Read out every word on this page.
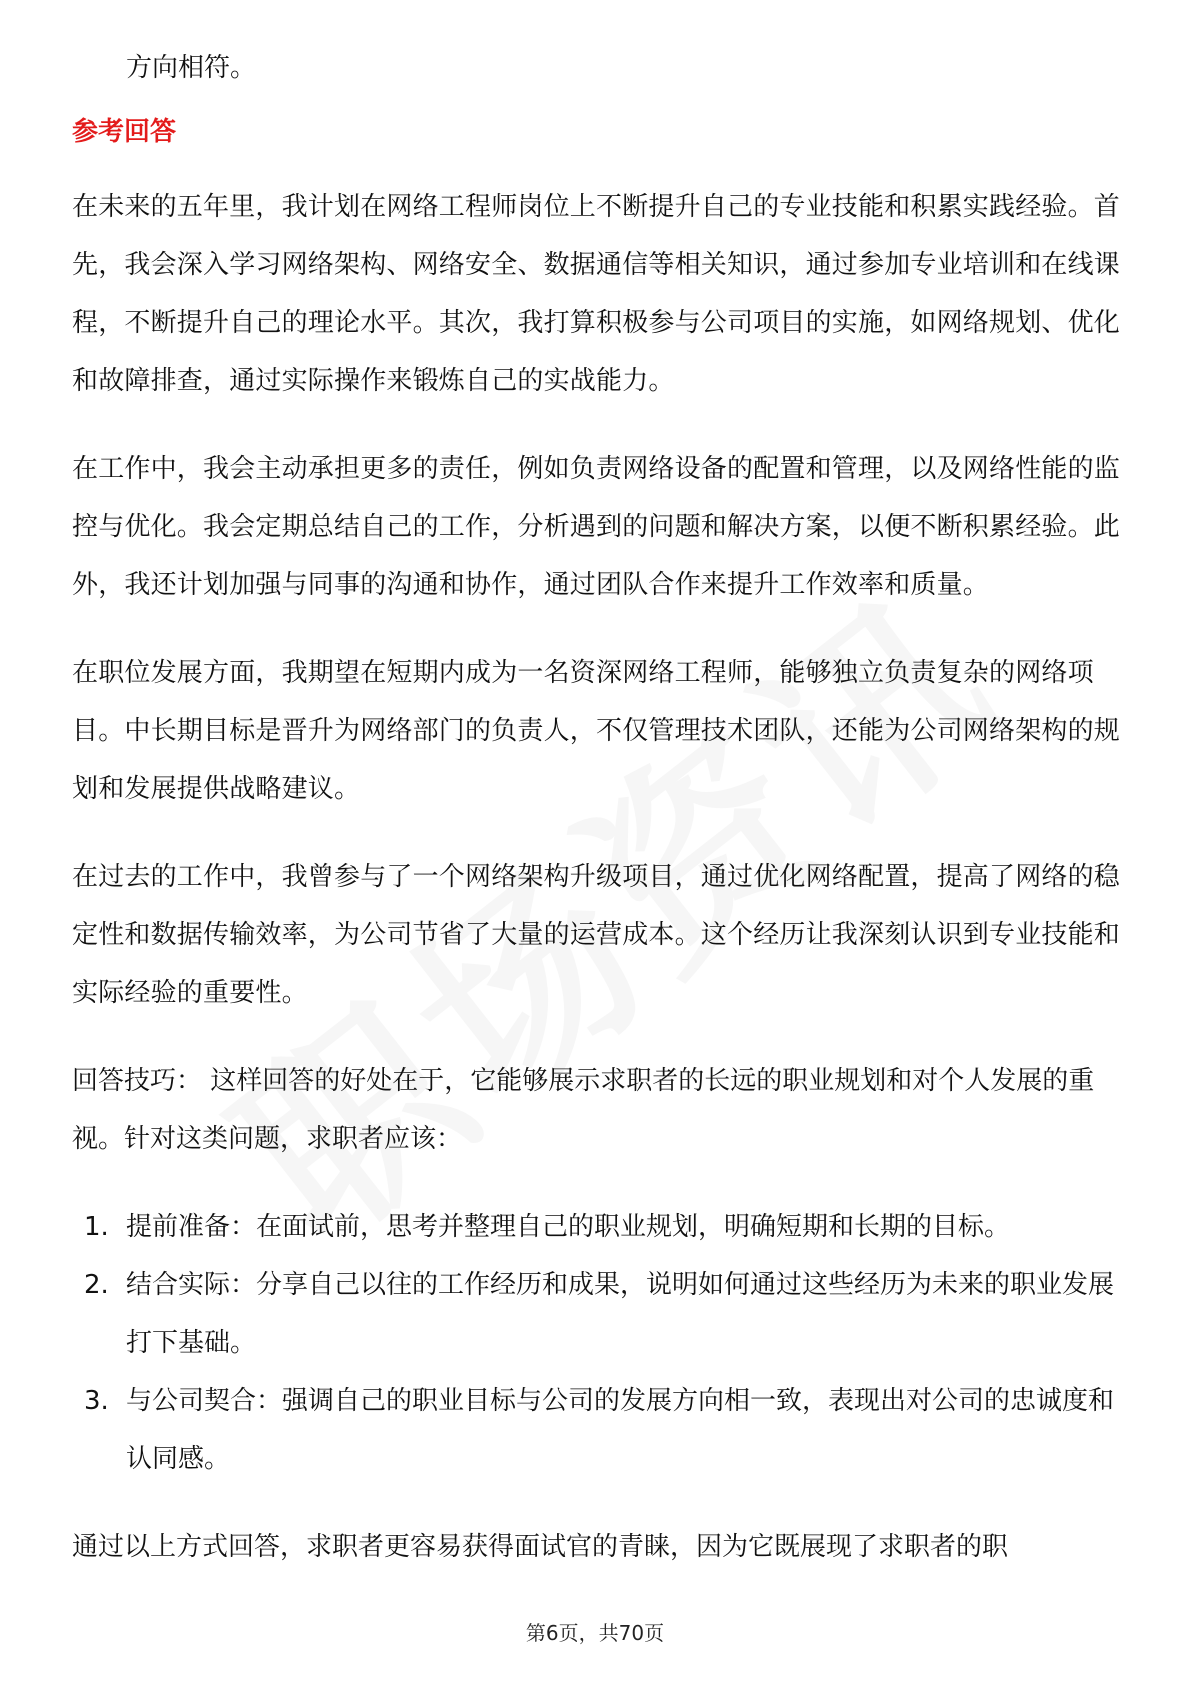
方向相符。

参考回答

在未来的五年里，我计划在网络工程师岗位上不断提升自己的专业技能和积累实践经验。首先，我会深入学习网络架构、网络安全、数据通信等相关知识，通过参加专业培训和在线课程，不断提升自己的理论水平。其次，我打算积极参与公司项目的实施，如网络规划、优化和故障排查，通过实际操作来锻炼自己的实战能力。

在工作中，我会主动承担更多的责任，例如负责网络设备的配置和管理，以及网络性能的监控与优化。我会定期总结自己的工作，分析遇到的问题和解决方案，以便不断积累经验。此外，我还计划加强与同事的沟通和协作，通过团队合作来提升工作效率和质量。

在职位发展方面，我期望在短期内成为一名资深网络工程师，能够独立负责复杂的网络项目。中长期目标是晋升为网络部门的负责人，不仅管理技术团队，还能为公司网络架构的规划和发展提供战略建议。

在过去的工作中，我曾参与了一个网络架构升级项目，通过优化网络配置，提高了网络的稳定性和数据传输效率，为公司节省了大量的运营成本。这个经历让我深刻认识到专业技能和实际经验的重要性。

回答技巧： 这样回答的好处在于，它能够展示求职者的长远的职业规划和对个人发展的重视。针对这类问题，求职者应该：

1. 提前准备：在面试前，思考并整理自己的职业规划，明确短期和长期的目标。
2. 结合实际：分享自己以往的工作经历和成果，说明如何通过这些经历为未来的职业发展打下基础。
3. 与公司契合：强调自己的职业目标与公司的发展方向相一致，表现出对公司的忠诚度和认同感。

通过以上方式回答，求职者更容易获得面试官的青睐，因为它既展现了求职者的职

第6页，共70页
